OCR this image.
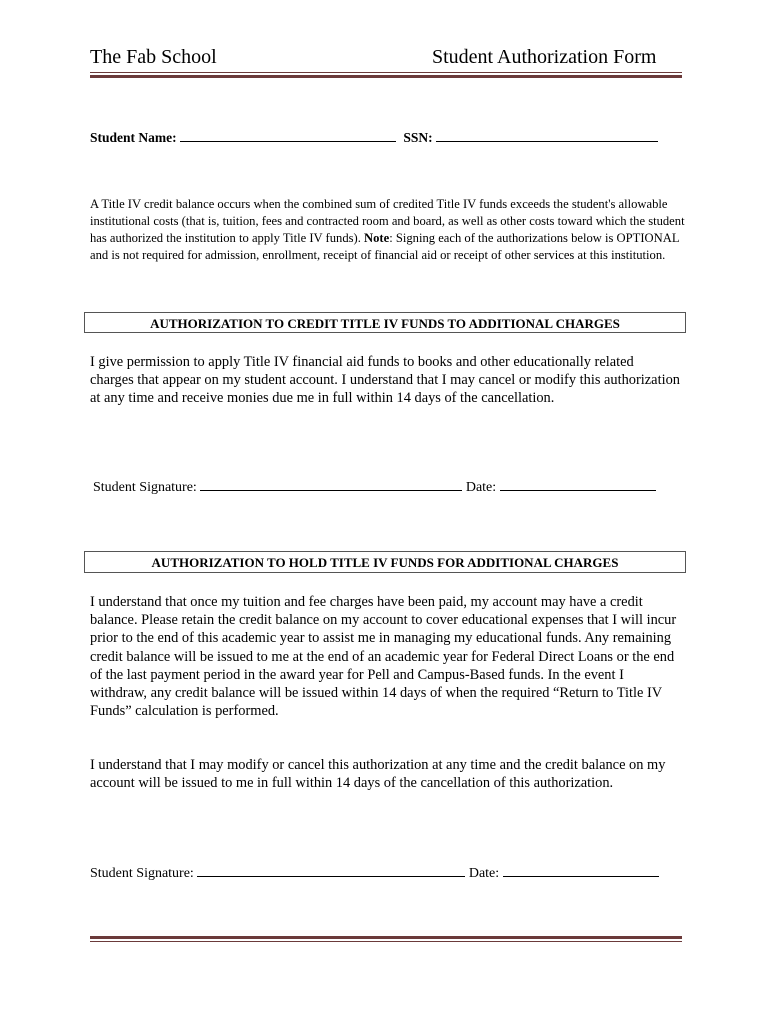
The Fab School	Student Authorization Form
Student Name:	SSN:
A Title IV credit balance occurs when the combined sum of credited Title IV funds exceeds the student's allowable institutional costs (that is, tuition, fees and contracted room and board, as well as other costs toward which the student has authorized the institution to apply Title IV funds). Note: Signing each of the authorizations below is OPTIONAL and is not required for admission, enrollment, receipt of financial aid or receipt of other services at this institution.
AUTHORIZATION TO CREDIT TITLE IV FUNDS TO ADDITIONAL CHARGES
I give permission to apply Title IV financial aid funds to books and other educationally related charges that appear on my student account. I understand that I may cancel or modify this authorization at any time and receive monies due me in full within 14 days of the cancellation.
Student Signature:	Date:
AUTHORIZATION TO HOLD TITLE IV FUNDS FOR ADDITIONAL CHARGES
I understand that once my tuition and fee charges have been paid, my account may have a credit balance. Please retain the credit balance on my account to cover educational expenses that I will incur prior to the end of this academic year to assist me in managing my educational funds. Any remaining credit balance will be issued to me at the end of an academic year for Federal Direct Loans or the end of the last payment period in the award year for Pell and Campus-Based funds. In the event I withdraw, any credit balance will be issued within 14 days of when the required “Return to Title IV Funds” calculation is performed.
I understand that I may modify or cancel this authorization at any time and the credit balance on my account will be issued to me in full within 14 days of the cancellation of this authorization.
Student Signature:	Date:
